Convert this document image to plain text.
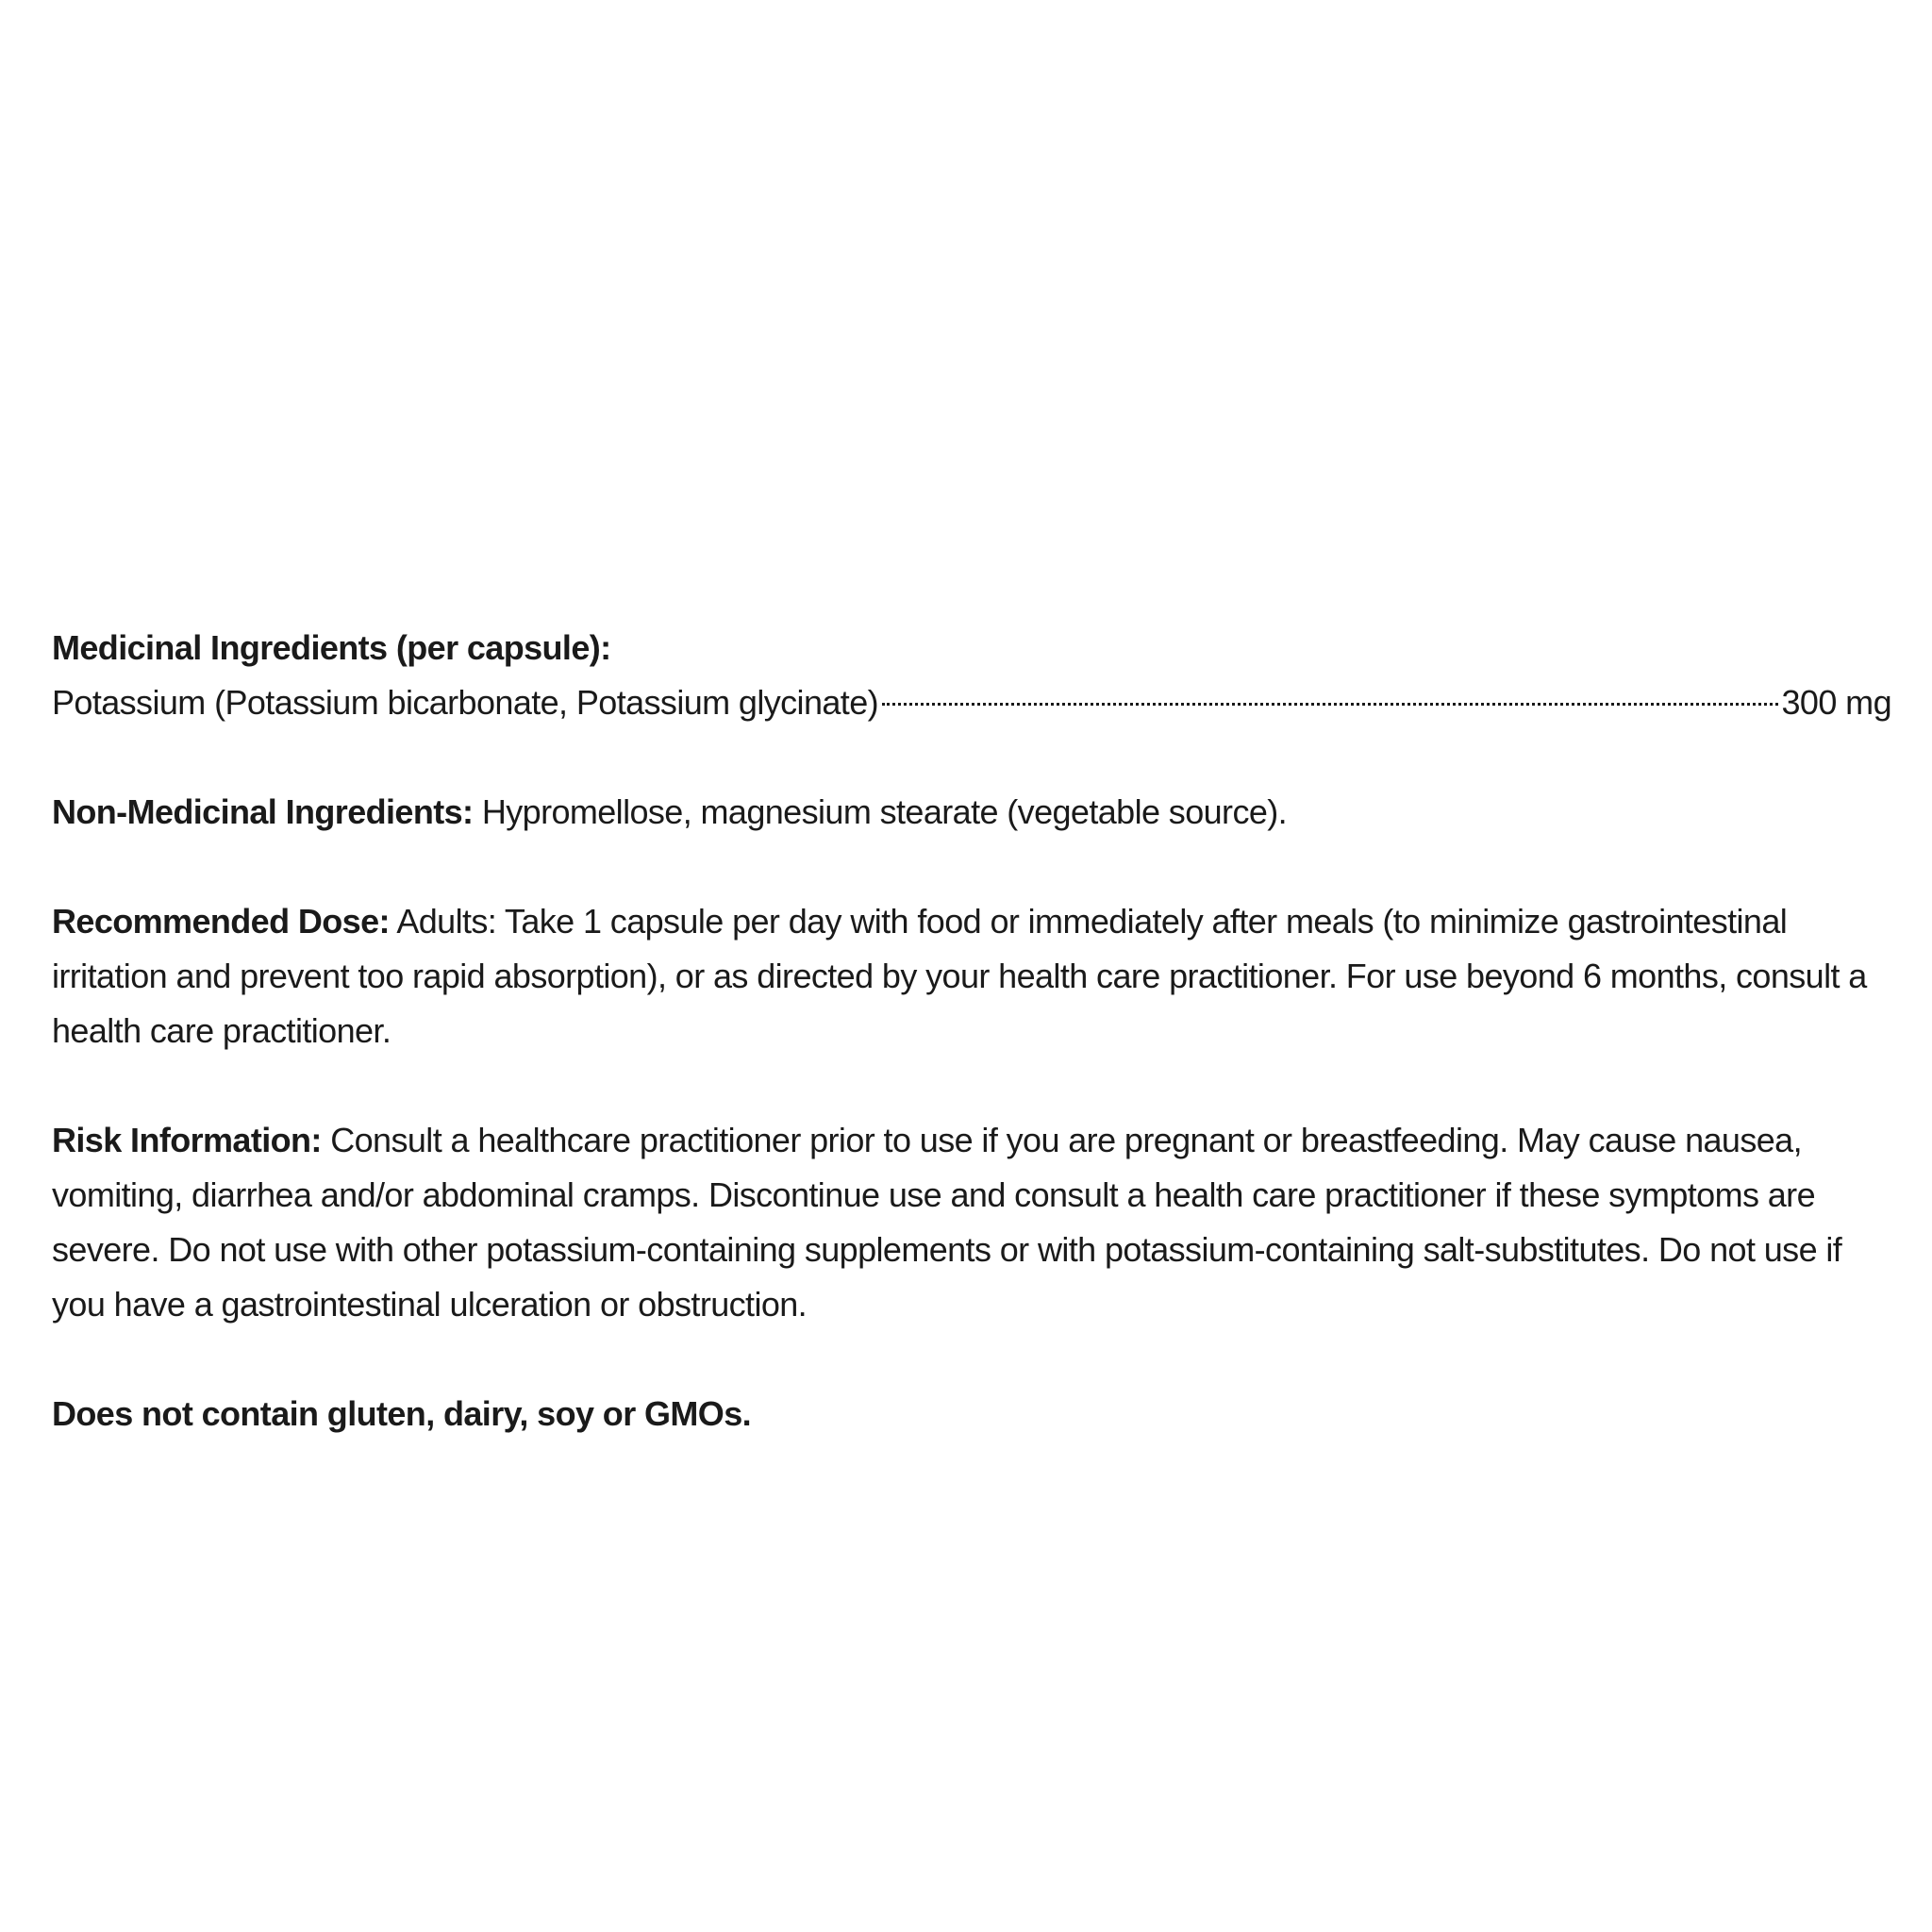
Medicinal Ingredients (per capsule):

Potassium (Potassium bicarbonate, Potassium glycinate)	300 mg

Non-Medicinal Ingredients: Hypromellose, magnesium stearate (vegetable source).

Recommended Dose: Adults: Take 1 capsule per day with food or immediately after meals (to minimize gastrointestinal irritation and prevent too rapid absorption), or as directed by your health care practitioner. For use beyond 6 months, consult a health care practitioner.

Risk Information: Consult a healthcare practitioner prior to use if you are pregnant or breastfeeding. May cause nausea, vomiting, diarrhea and/or abdominal cramps. Discontinue use and consult a health care practitioner if these symptoms are severe. Do not use with other potassium-containing supplements or with potassium-containing salt-substitutes. Do not use if you have a gastrointestinal ulceration or obstruction.

Does not contain gluten, dairy, soy or GMOs.
